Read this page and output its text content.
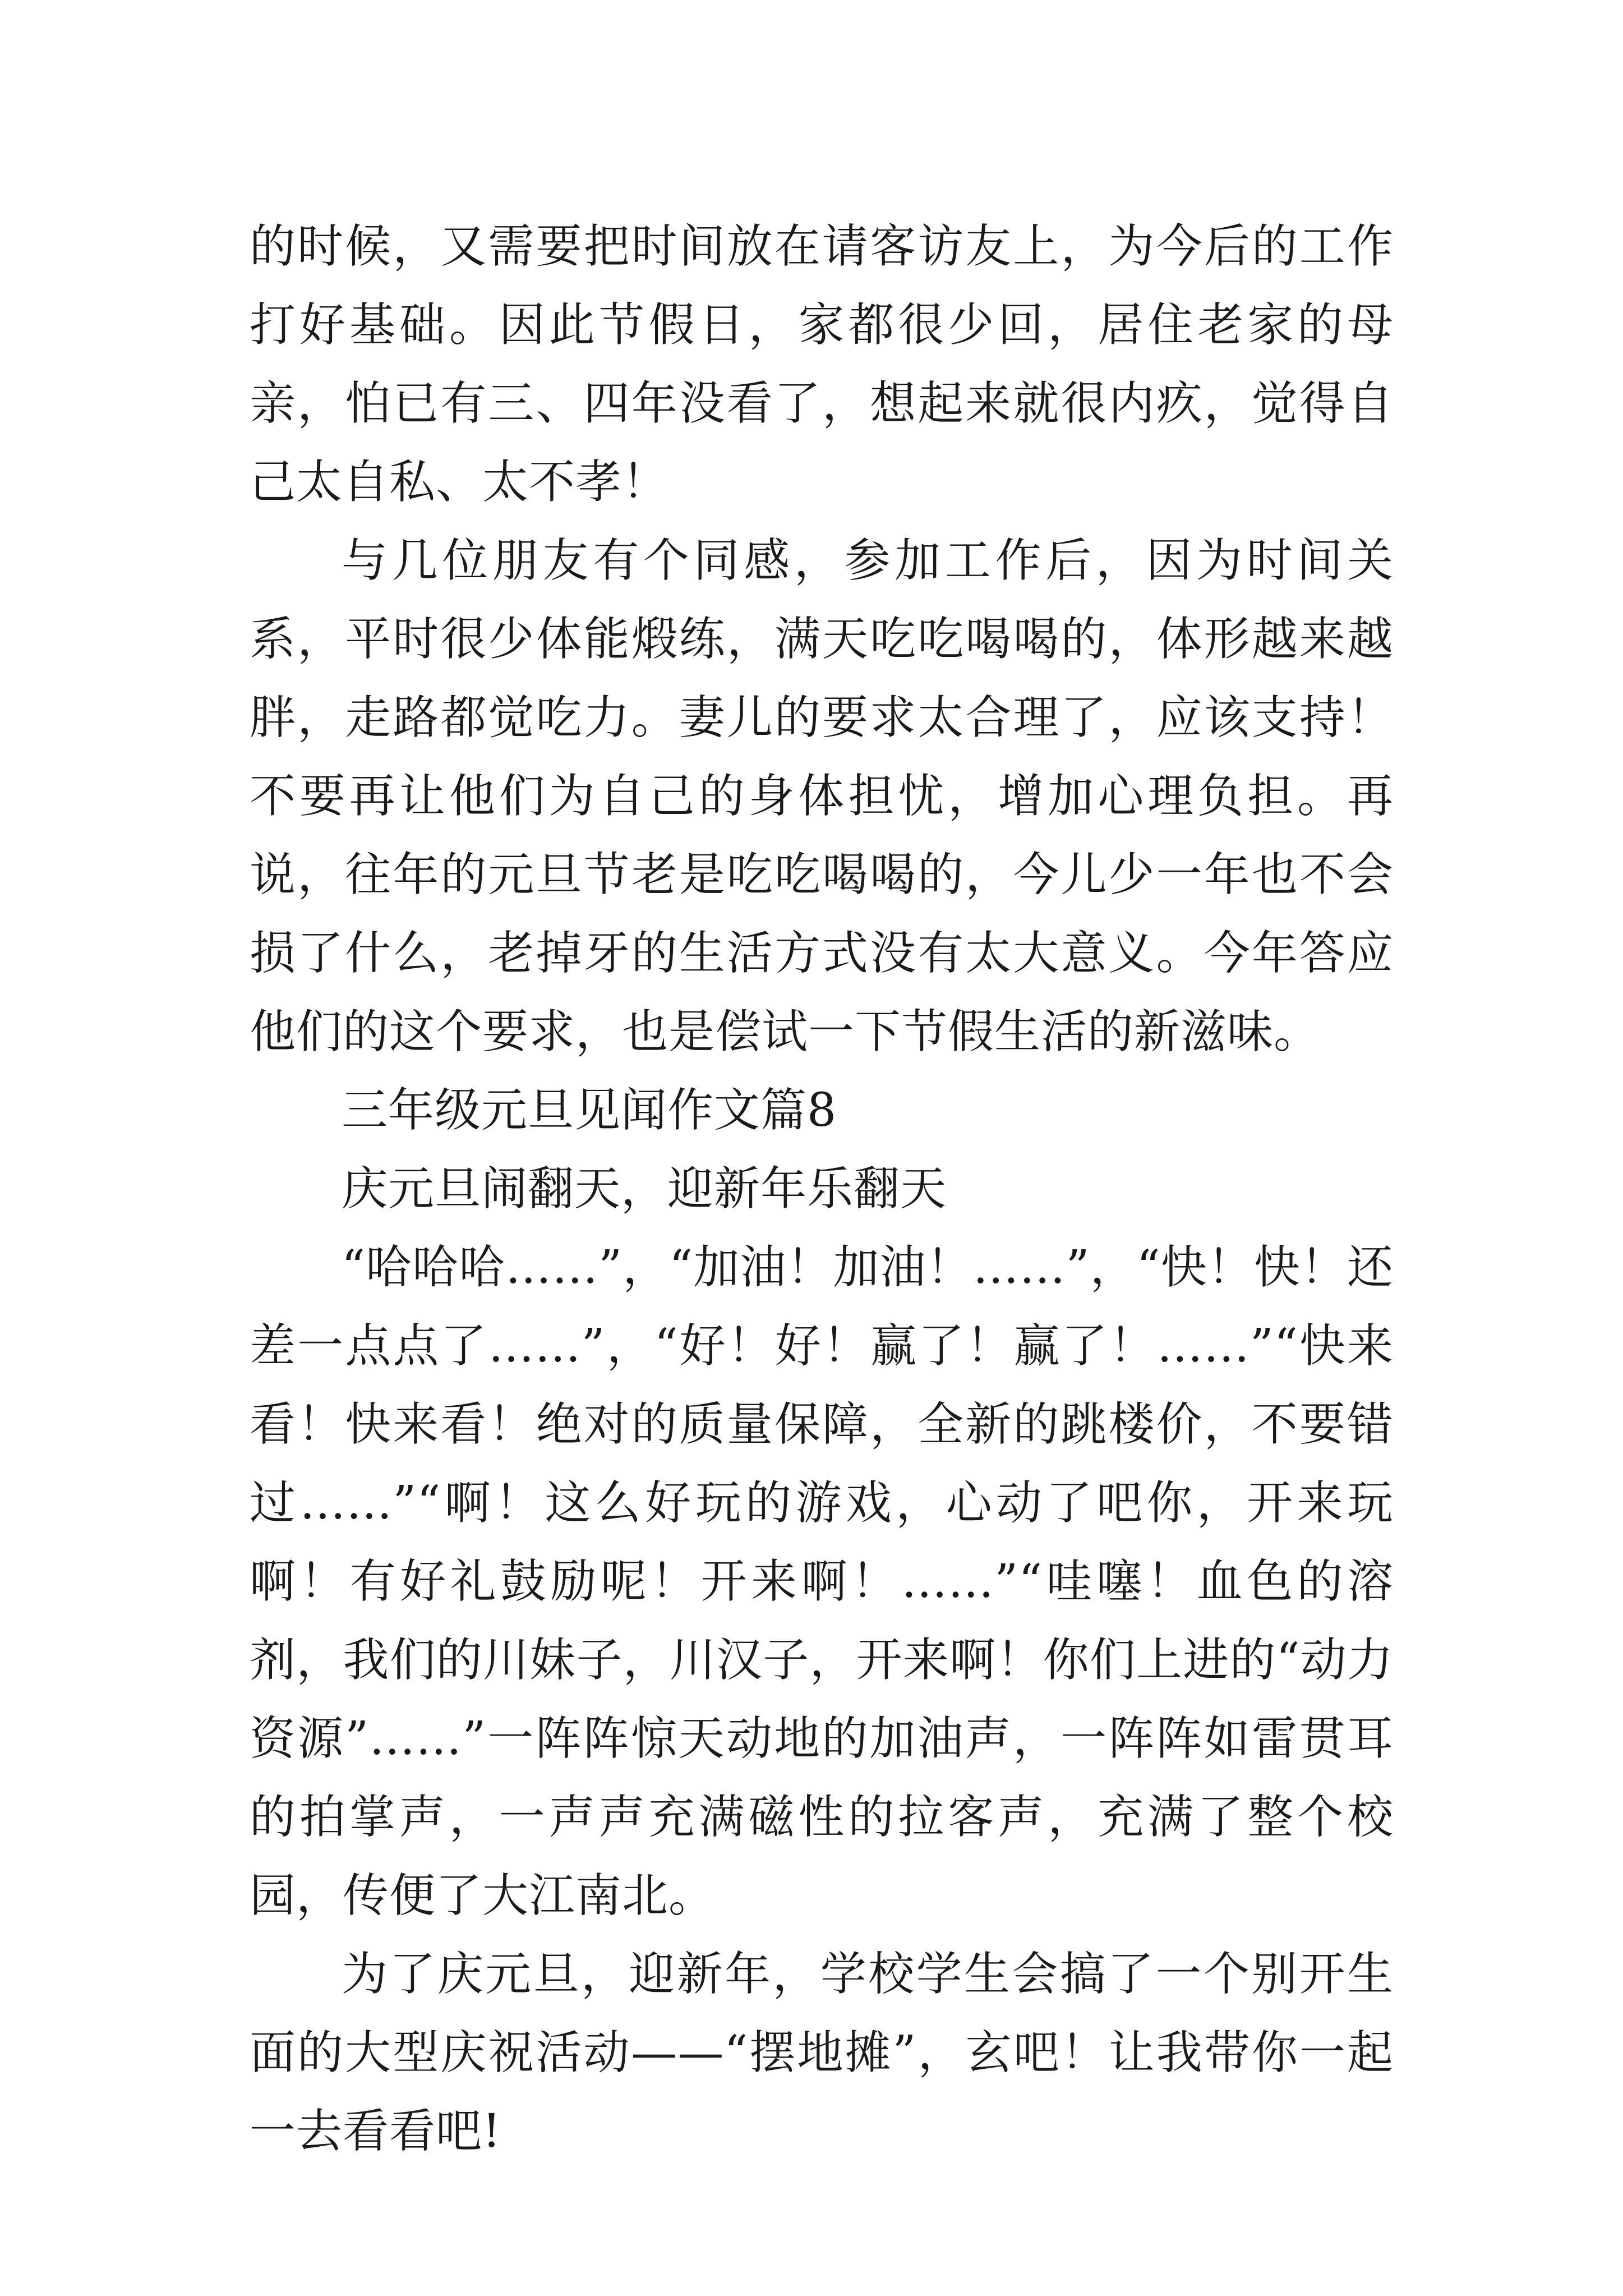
的时候，又需要把时间放在请客访友上，为今后的工作打好基础。因此节假日，家都很少回，居住老家的母亲，怕已有三、四年没看了，想起来就很内疚，觉得自己太自私、太不孝！

与几位朋友有个同感，参加工作后，因为时间关系，平时很少体能煅练，满天吃吃喝喝的，体形越来越胖，走路都觉吃力。妻儿的要求太合理了，应该支持！不要再让他们为自己的身体担忧，增加心理负担。再说，往年的元旦节老是吃吃喝喝的，今儿少一年也不会损了什么，老掉牙的生活方式没有太大意义。今年答应他们的这个要求，也是偿试一下节假生活的新滋味。

三年级元旦见闻作文篇8

庆元旦闹翻天，迎新年乐翻天

“哈哈哈……”，“加油！加油！……”，“快！快！还差一点点了……”，“好！好！赢了！赢了！……”“快来看！快来看！绝对的质量保障，全新的跳楼价，不要错过……”“啊！这么好玩的游戏，心动了吧你，开来玩啊！有好礼鼓励呢！开来啊！……”“哇噻！血色的溶剂，我们的川妹子，川汉子，开来啊！你们上进的“动力资源”……”一阵阵惊天动地的加油声，一阵阵如雷贯耳的拍掌声，一声声充满磁性的拉客声，充满了整个校园，传便了大江南北。

为了庆元旦，迎新年，学校学生会搞了一个别开生面的大型庆祝活动——“摆地摊”，玄吧！让我带你一起一去看看吧!
